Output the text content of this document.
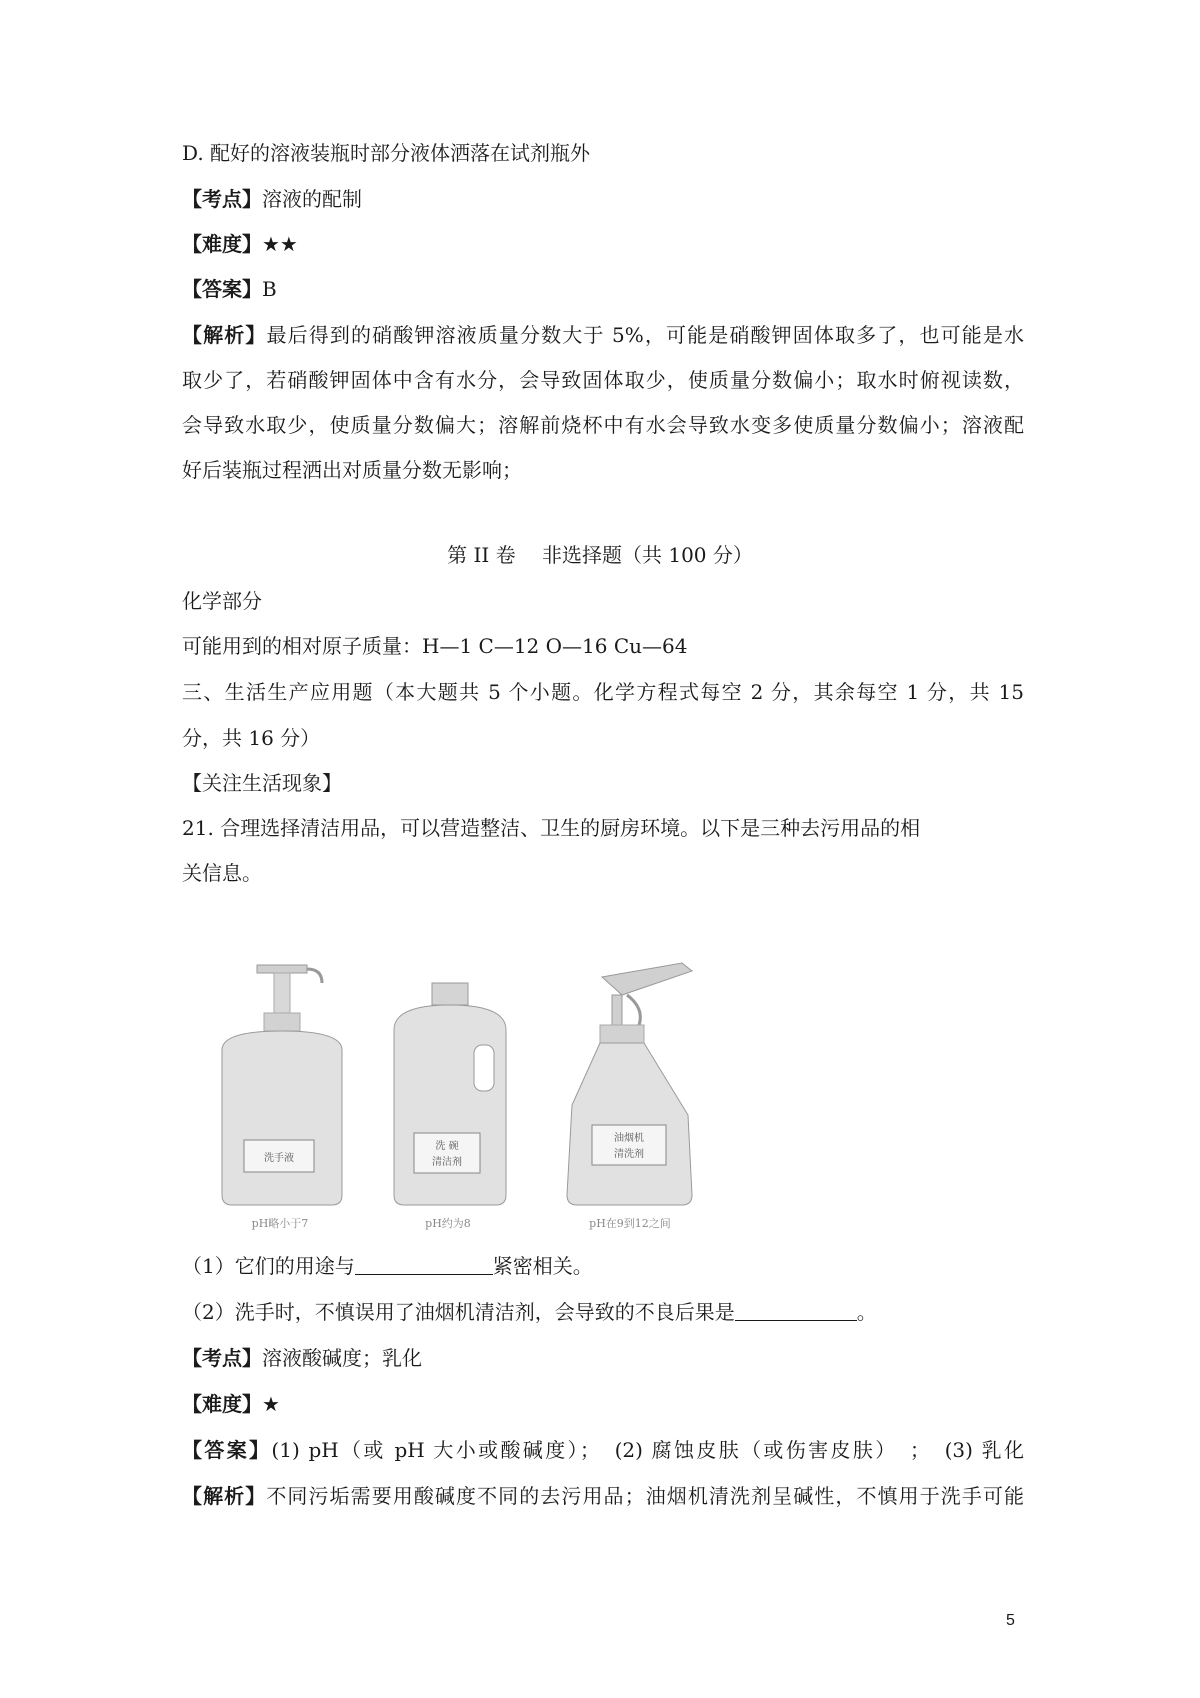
D. 配好的溶液装瓶时部分液体洒落在试剂瓶外
【考点】溶液的配制
【难度】★★
【答案】B
【解析】最后得到的硝酸钾溶液质量分数大于 5%，可能是硝酸钾固体取多了，也可能是水
取少了，若硝酸钾固体中含有水分，会导致固体取少，使质量分数偏小；取水时俯视读数，
会导致水取少，使质量分数偏大；溶解前烧杯中有水会导致水变多使质量分数偏小；溶液配
好后装瓶过程洒出对质量分数无影响；
第 II 卷　 非选择题（共 100 分）
化学部分
可能用到的相对原子质量：H—1 C—12 O—16 Cu—64
三、生活生产应用题（本大题共 5 个小题。化学方程式每空 2 分，其余每空 1 分，共 15
分，共 16 分）
【关注生活现象】
21. 合理选择清洁用品，可以营造整洁、卫生的厨房环境。以下是三种去污用品的相
关信息。
洗手液
pH略小于7
洗 碗
清洁剂
pH约为8
油烟机
清洗剂
pH在9到12之间
（1）它们的用途与	紧密相关。
（2）洗手时，不慎误用了油烟机清洁剂，会导致的不良后果是	。
【考点】溶液酸碱度；乳化
【难度】★
【答案】(1) pH（或 pH 大小或酸碱度）；　(2) 腐蚀皮肤（或伤害皮肤）　；　(3) 乳化
【解析】不同污垢需要用酸碱度不同的去污用品；油烟机清洗剂呈碱性，不慎用于洗手可能
5
